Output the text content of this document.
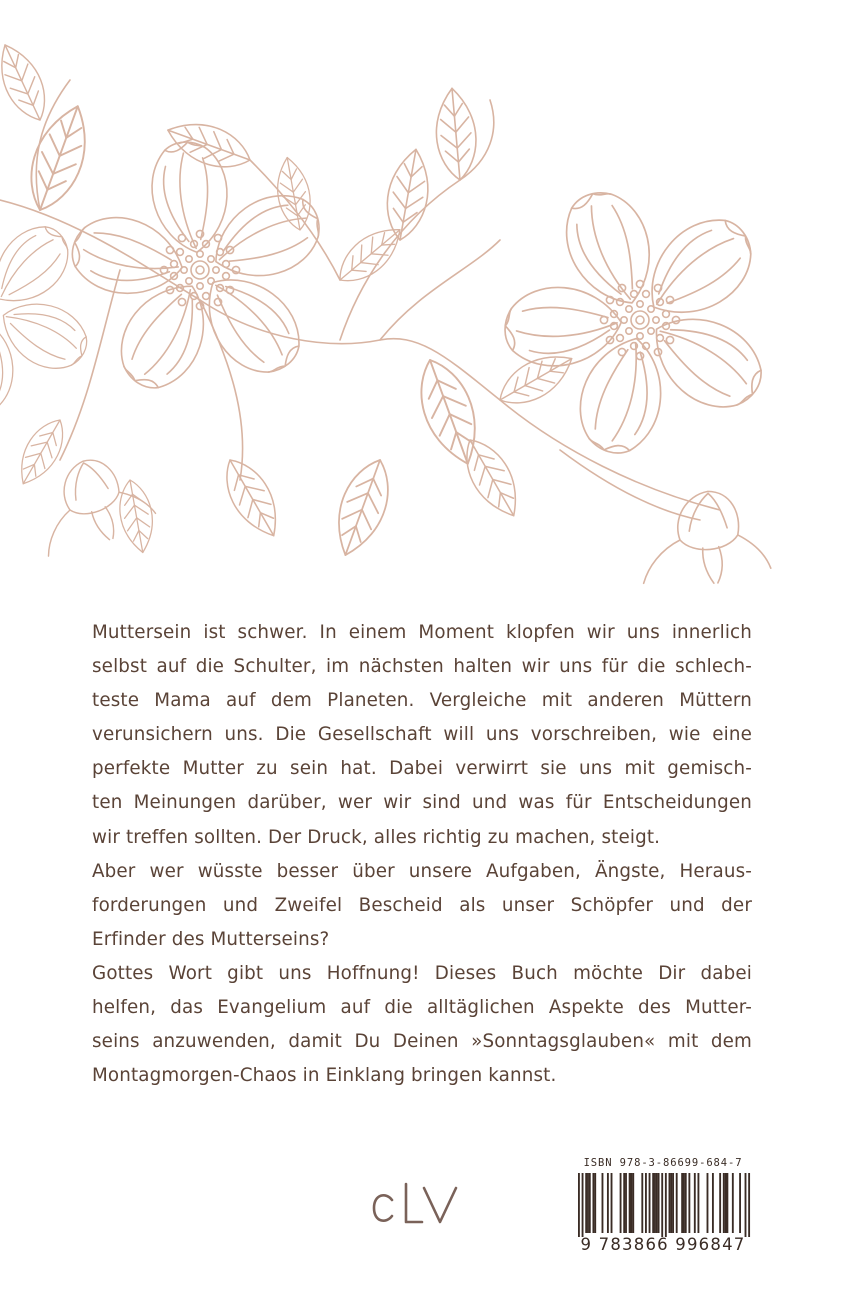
Muttersein ist schwer. In einem Moment klopfen wir uns innerlich
selbst auf die Schulter, im nächsten halten wir uns für die schlech-
teste Mama auf dem Planeten. Vergleiche mit anderen Müttern
verunsichern uns. Die Gesellschaft will uns vorschreiben, wie eine
perfekte Mutter zu sein hat. Dabei verwirrt sie uns mit gemisch-
ten Meinungen darüber, wer wir sind und was für Entscheidungen
wir treffen sollten. Der Druck, alles richtig zu machen, steigt.
Aber wer wüsste besser über unsere Aufgaben, Ängste, Heraus-
forderungen und Zweifel Bescheid als unser Schöpfer und der
Erfinder des Mutterseins?
Gottes Wort gibt uns Hoffnung! Dieses Buch möchte Dir dabei
helfen, das Evangelium auf die alltäglichen Aspekte des Mutter-
seins anzuwenden, damit Du Deinen »Sonntagsglauben« mit dem
Montagmorgen-Chaos in Einklang bringen kannst.
ISBN 978-3-86699-684-7
9 783866 996847
